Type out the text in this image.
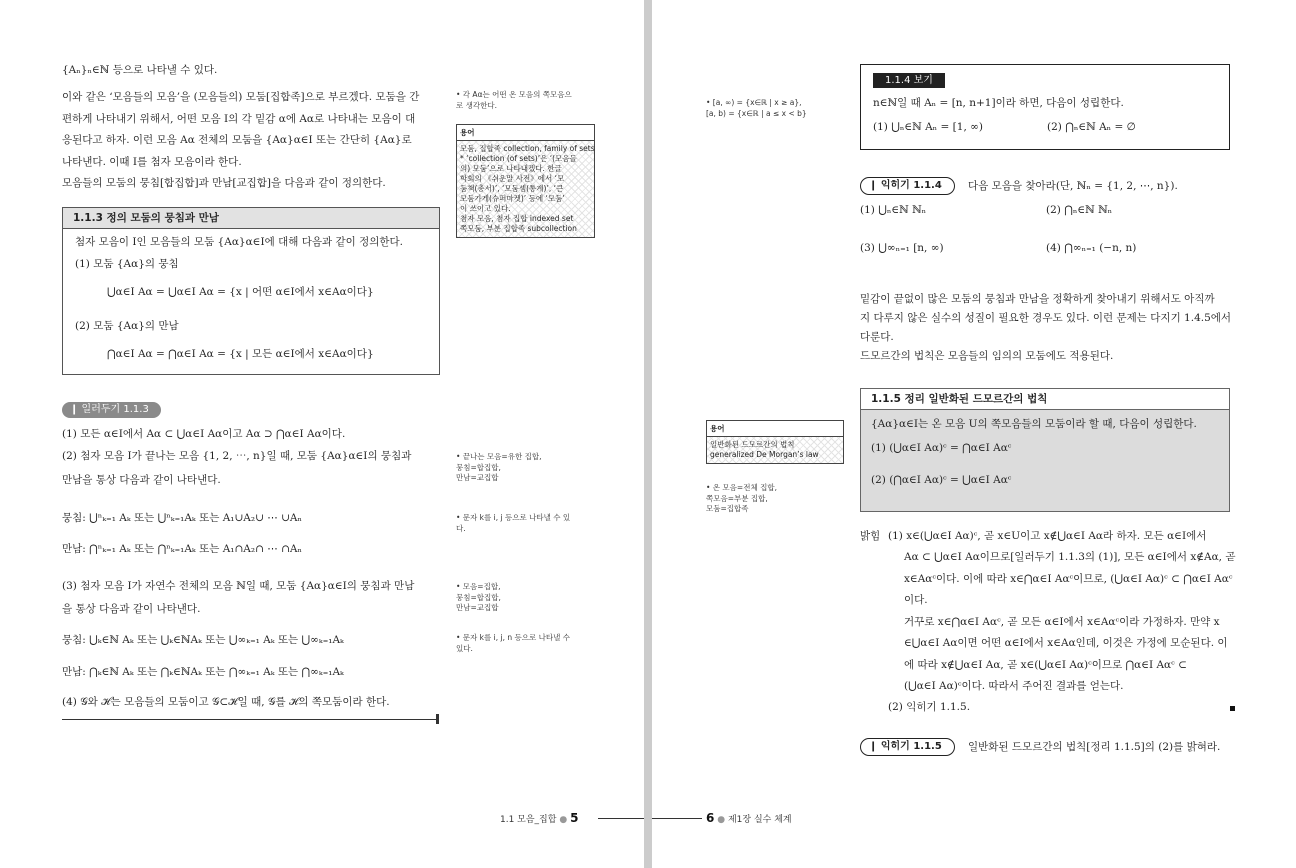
{Aₙ}ₙ∈ℕ 등으로 나타낼 수 있다.
이와 같은 ‘모음들의 모음’을 (모음들의) 모둠[집합족]으로 부르겠다. 모둠을 간
편하게 나타내기 위해서, 어떤 모음 I의 각 밑감 α에 Aα로 나타내는 모음이 대
응된다고 하자. 이런 모음 Aα 전체의 모둠을 {Aα}α∈I 또는 간단히 {Aα}로
나타낸다. 이때 I를 첨자 모음이라 한다.
모음들의 모둠의 뭉침[합집합]과 만남[교집합]을 다음과 같이 정의한다.
• 각 Aα는 어떤 온 모음의 쪽모음으
로 생각한다.
용어
모둠, 집합족 collection, family of sets
* ‘collection (of sets)’은 ‘(모음들
의) 모둠’으로 나타내겠다. 한글
학회의 《쉬운말 사전》에서 ‘모
둠책(총서)’, ‘모둠셈(통계)’, ‘큰
모둠가게(슈퍼마켓)’ 등에 ‘모둠’
이 쓰이고 있다.
첨자 모음, 첨자 집합 indexed set
쪽모둠, 부분 집합족 subcollection
1.1.3 정의 모둠의 뭉침과 만남
첨자 모음이 I인 모음들의 모둠 {Aα}α∈I에 대해 다음과 같이 정의한다.
(1) 모둠 {Aα}의 뭉침
⋃α∈I Aα = ⋃α∈I Aα = {x | 어떤 α∈I에서 x∈Aα이다}
(2) 모둠 {Aα}의 만남
⋂α∈I Aα = ⋂α∈I Aα = {x | 모든 α∈I에서 x∈Aα이다}
❙ 일러두기 1.1.3
(1) 모든 α∈I에서 Aα ⊂ ⋃α∈I Aα이고 Aα ⊃ ⋂α∈I Aα이다.
(2) 첨자 모음 I가 끝나는 모음 {1, 2, ⋯, n}일 때, 모둠 {Aα}α∈I의 뭉침과
만남을 통상 다음과 같이 나타낸다.
뭉침: ⋃ⁿₖ₌₁ Aₖ 또는 ⋃ⁿₖ₌₁Aₖ 또는 A₁∪A₂∪ ⋯ ∪Aₙ
만남: ⋂ⁿₖ₌₁ Aₖ 또는 ⋂ⁿₖ₌₁Aₖ 또는 A₁∩A₂∩ ⋯ ∩Aₙ
(3) 첨자 모음 I가 자연수 전체의 모음 ℕ일 때, 모둠 {Aα}α∈I의 뭉침과 만남
을 통상 다음과 같이 나타낸다.
뭉침: ⋃ₖ∈ℕ Aₖ 또는 ⋃ₖ∈ℕAₖ 또는 ⋃∞ₖ₌₁ Aₖ 또는 ⋃∞ₖ₌₁Aₖ
만남: ⋂ₖ∈ℕ Aₖ 또는 ⋂ₖ∈ℕAₖ 또는 ⋂∞ₖ₌₁ Aₖ 또는 ⋂∞ₖ₌₁Aₖ
(4) 𝒢와 ℋ는 모음들의 모둠이고 𝒢⊂ℋ일 때, 𝒢를 ℋ의 쪽모둠이라 한다.
• 끝나는 모음=유한 집합,
뭉침=합집합,
만남=교집합
• 문자 k를 i, j 등으로 나타낼 수 있
다.
• 모음=집합,
뭉침=합집합,
만남=교집합
• 문자 k를 i, j, n 등으로 나타낼 수
있다.
1.1 모음_집합 ● 5	6 ● 제1장 실수 체계
• [a, ∞) = {x∈ℝ | x ≥ a},
[a, b) = {x∈ℝ | a ≤ x < b}
1.1.4 보기
n∈ℕ일 때 Aₙ = [n, n+1]이라 하면, 다음이 성립한다.
(1) ⋃ₙ∈ℕ Aₙ = [1, ∞)	(2) ⋂ₙ∈ℕ Aₙ = ∅
❙ 익히기 1.1.4	다음 모음을 찾아라(단, ℕₙ = {1, 2, ⋯, n}).
(1) ⋃ₙ∈ℕ ℕₙ	(2) ⋂ₙ∈ℕ ℕₙ
(3) ⋃∞ₙ₌₁ [n, ∞)	(4) ⋂∞ₙ₌₁ (−n, n)
밑감이 끝없이 많은 모둠의 뭉침과 만남을 정확하게 찾아내기 위해서도 아직까
지 다루지 않은 실수의 성질이 필요한 경우도 있다. 이런 문제는 다지기 1.4.5에서
다룬다.
드모르간의 법칙은 모음들의 임의의 모둠에도 적용된다.
용어
일반화된 드모르간의 법칙
generalized De Morgan’s law
• 온 모음=전체 집합,
쪽모음=부분 집합,
모둠=집합족
1.1.5 정리 일반화된 드모르간의 법칙
{Aα}α∈I는 온 모음 U의 쪽모음들의 모둠이라 할 때, 다음이 성립한다.
(1) (⋃α∈I Aα)ᶜ = ⋂α∈I Aαᶜ
(2) (⋂α∈I Aα)ᶜ = ⋃α∈I Aαᶜ
밝힘 (1) x∈(⋃α∈I Aα)ᶜ, 곧 x∈U이고 x∉⋃α∈I Aα라 하자. 모든 α∈I에서
Aα ⊂ ⋃α∈I Aα이므로[일러두기 1.1.3의 (1)], 모든 α∈I에서 x∉Aα, 곧
x∈Aαᶜ이다. 이에 따라 x∈⋂α∈I Aαᶜ이므로, (⋃α∈I Aα)ᶜ ⊂ ⋂α∈I Aαᶜ
이다.
거꾸로 x∈⋂α∈I Aαᶜ, 곧 모든 α∈I에서 x∈Aαᶜ이라 가정하자. 만약 x
∈⋃α∈I Aα이면 어떤 α∈I에서 x∈Aα인데, 이것은 가정에 모순된다. 이
에 따라 x∉⋃α∈I Aα, 곧 x∈(⋃α∈I Aα)ᶜ이므로 ⋂α∈I Aαᶜ ⊂
(⋃α∈I Aα)ᶜ이다. 따라서 주어진 결과를 얻는다.
(2) 익히기 1.1.5.
❙ 익히기 1.1.5	일반화된 드모르간의 법칙[정리 1.1.5]의 (2)를 밝혀라.
